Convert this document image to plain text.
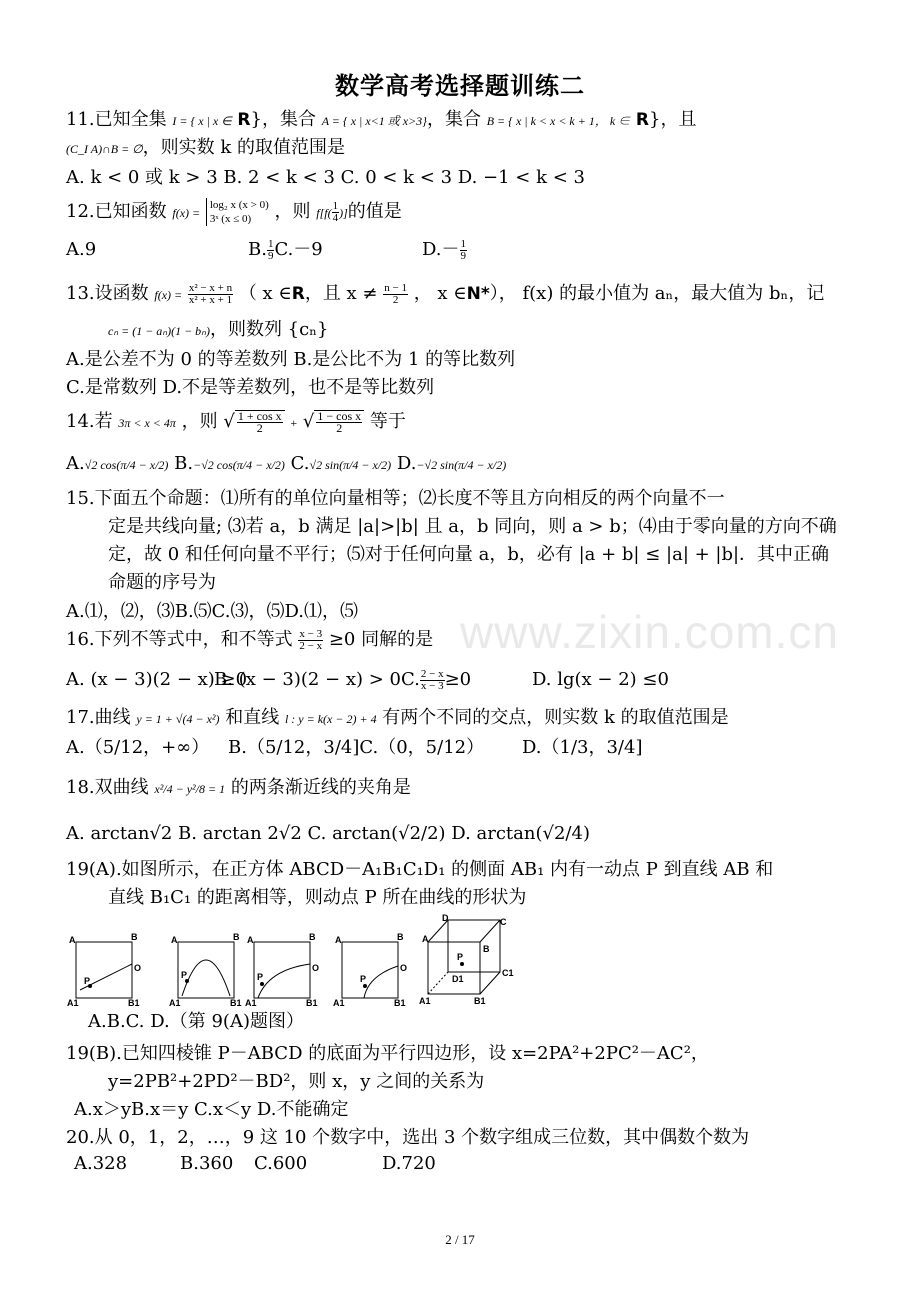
www.zixin.com.cn
数学高考选择题训练二
11.已知全集 I = { x | x ∈ R}，集合 A = { x | x<1 或 x>3}，集合 B = { x | k < x < k + 1， k ∈ R}，且
(C_I A)∩B = ∅，则实数 k 的取值范围是
A. k < 0 或 k > 3 B. 2 < k < 3 C. 0 < k < 3 D. −1 < k < 3
12.已知函数 f(x) =
log₂ x (x > 0)
3ˣ (x ≤ 0)	，则 $f[f( \frac{1}{4}$ )]的值是
A.9	B. $\frac{1}{9} C.-9$	$D.- \frac{1}{9}$
13.设函数 $f(x) = \frac{\text{x² − x + n}}{\text{x² + x + 1}}$ （ x ∈R，且 $x \ne \frac{n - 1}{2}$ ， x ∈N*）， f(x) 的最小值为 aₙ，最大值为 bₙ，记
cₙ = (1 − aₙ)(1 − bₙ)，则数列 {cₙ}
A.是公差不为 0 的等差数列 B.是公比不为 1 的等比数列
C.是常数列 D.不是等差数列，也不是等比数列
14.若 3π < x < 4π ，则 √ $\frac{\text{1 + cos x}}{2}$ + √ $\frac{\text{1 − cos x}}{2}$ 等于
A.√2 cos(π/4 − x/2) B.−√2 cos(π/4 − x/2) C.√2 sin(π/4 − x/2) D.−√2 sin(π/4 − x/2)
15.下面五个命题：⑴所有的单位向量相等；⑵长度不等且方向相反的两个向量不一
定是共线向量; ⑶若 a，b 满足 |a|>|b| 且 a，b 同向，则 a > b；⑷由于零向量的方向不确
定，故 0 和任何向量不平行；⑸对于任何向量 a，b，必有 |a + b| ≤ |a| + |b|．其中正确
命题的序号为
A.⑴，⑵，⑶B.⑸C.⑶，⑸D.⑴，⑸
16.下列不等式中，和不等式 $\frac{x - 3}{2 - x} \ge 0$ 同解的是
A. (x − 3)(2 − x) ≥0
B. (x − 3)(2 − x) > 0C. $\frac{2 - x}{x - 3} \ge 0$	D. lg(x − 2) ≤0
17.曲线 y = 1 + √(4 − x²) 和直线 l : y = k(x − 2) + 4 有两个不同的交点，则实数 k 的取值范围是
A.（5/12，+∞） B.（5/12，3/4]C.（0，5/12） D.（1/3，3/4]
18.双曲线 x²/4 − y²/8 = 1 的两条渐近线的夹角是
A. arctan√2 B. arctan 2√2 C. arctan(√2/2) D. arctan(√2/4)
19(A).如图所示，在正方体 ABCD－A₁B₁C₁D₁ 的侧面 AB₁ 内有一动点 P 到直线 AB 和
直线 B₁C₁ 的距离相等，则动点 P 所在曲线的形状为
A	B
O
P
A1	B1
A	B
P
A1	B1
A	B
O
P
A1	B1
A	B
O
P
A1	B1
A
B
C
D
P
C1
D1
A1	B1
A.B.C. D.（第 9(A)题图）
19(B).已知四棱锥 P－ABCD 的底面为平行四边形，设 x=2PA²+2PC²－AC²，
y=2PB²+2PD²－BD²，则 x，y 之间的关系为
A.x＞yB.x＝y C.x＜y D.不能确定
20.从 0，1，2，…，9 这 10 个数字中，选出 3 个数字组成三位数，其中偶数个数为
A.328	B.360 C.600	D.720
2 / 17
